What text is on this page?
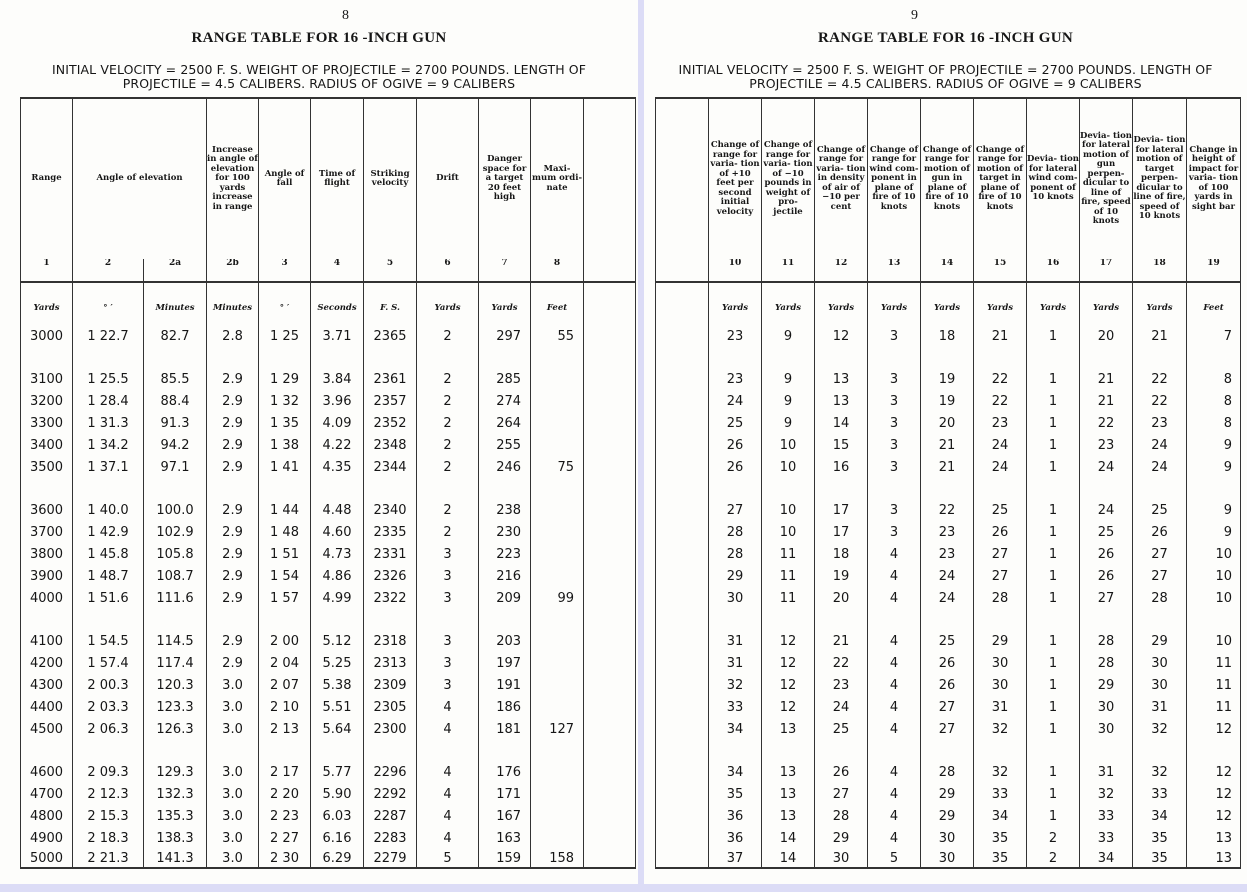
8
RANGE TABLE FOR 16 -INCH GUN
INITIAL VELOCITY = 2500 F. S. WEIGHT OF PROJECTILE = 2700 POUNDS. LENGTH OF
PROJECTILE = 4.5 CALIBERS. RADIUS OF OGIVE = 9 CALIBERS
Range	Angle of elevation		Increase in angle of elevation for 100 yards increase in range	Angle of fall	Time of flight	Striking velocity	Drift	Danger space for a target 20 feet high	Maxi- mum ordi- nate	
1	2	2a	2b	3	4	5	6	7	8	
Yards	° ′	Minutes	Minutes	° ′	Seconds	F. S.	Yards	Yards	Feet	

3000	1 22.7	82.7	2.8	1 25	3.71	2365	2	297	55	

3100	1 25.5	85.5	2.9	1 29	3.84	2361	2	285		
3200	1 28.4	88.4	2.9	1 32	3.96	2357	2	274		
3300	1 31.3	91.3	2.9	1 35	4.09	2352	2	264		
3400	1 34.2	94.2	2.9	1 38	4.22	2348	2	255		
3500	1 37.1	97.1	2.9	1 41	4.35	2344	2	246	75	

3600	1 40.0	100.0	2.9	1 44	4.48	2340	2	238		
3700	1 42.9	102.9	2.9	1 48	4.60	2335	2	230		
3800	1 45.8	105.8	2.9	1 51	4.73	2331	3	223		
3900	1 48.7	108.7	2.9	1 54	4.86	2326	3	216		
4000	1 51.6	111.6	2.9	1 57	4.99	2322	3	209	99	

4100	1 54.5	114.5	2.9	2 00	5.12	2318	3	203		
4200	1 57.4	117.4	2.9	2 04	5.25	2313	3	197		
4300	2 00.3	120.3	3.0	2 07	5.38	2309	3	191		
4400	2 03.3	123.3	3.0	2 10	5.51	2305	4	186		
4500	2 06.3	126.3	3.0	2 13	5.64	2300	4	181	127	

4600	2 09.3	129.3	3.0	2 17	5.77	2296	4	176		
4700	2 12.3	132.3	3.0	2 20	5.90	2292	4	171		
4800	2 15.3	135.3	3.0	2 23	6.03	2287	4	167		
4900	2 18.3	138.3	3.0	2 27	6.16	2283	4	163		
5000	2 21.3	141.3	3.0	2 30	6.29	2279	5	159	158	
9
RANGE TABLE FOR 16 -INCH GUN
INITIAL VELOCITY = 2500 F. S. WEIGHT OF PROJECTILE = 2700 POUNDS. LENGTH OF
PROJECTILE = 4.5 CALIBERS. RADIUS OF OGIVE = 9 CALIBERS
	Change of range for varia- tion of +10 feet per second initial velocity	Change of range for varia- tion of −10 pounds in weight of pro- jectile	Change of range for varia- tion in density of air of −10 per cent	Change of range for wind com- ponent in plane of fire of 10 knots	Change of range for motion of gun in plane of fire of 10 knots	Change of range for motion of target in plane of fire of 10 knots	Devia- tion for lateral wind com- ponent of 10 knots	Devia- tion for lateral motion of gun perpen- dicular to line of fire, speed of 10 knots	Devia- tion for lateral motion of target perpen- dicular to line of fire, speed of 10 knots	Change in height of impact for varia- tion of 100 yards in sight bar
	10	11	12	13	14	15	16	17	18	19
	Yards	Yards	Yards	Yards	Yards	Yards	Yards	Yards	Yards	Feet

	23	9	12	3	18	21	1	20	21	7

	23	9	13	3	19	22	1	21	22	8
	24	9	13	3	19	22	1	21	22	8
	25	9	14	3	20	23	1	22	23	8
	26	10	15	3	21	24	1	23	24	9
	26	10	16	3	21	24	1	24	24	9

	27	10	17	3	22	25	1	24	25	9
	28	10	17	3	23	26	1	25	26	9
	28	11	18	4	23	27	1	26	27	10
	29	11	19	4	24	27	1	26	27	10
	30	11	20	4	24	28	1	27	28	10

	31	12	21	4	25	29	1	28	29	10
	31	12	22	4	26	30	1	28	30	11
	32	12	23	4	26	30	1	29	30	11
	33	12	24	4	27	31	1	30	31	11
	34	13	25	4	27	32	1	30	32	12

	34	13	26	4	28	32	1	31	32	12
	35	13	27	4	29	33	1	32	33	12
	36	13	28	4	29	34	1	33	34	12
	36	14	29	4	30	35	2	33	35	13
	37	14	30	5	30	35	2	34	35	13
